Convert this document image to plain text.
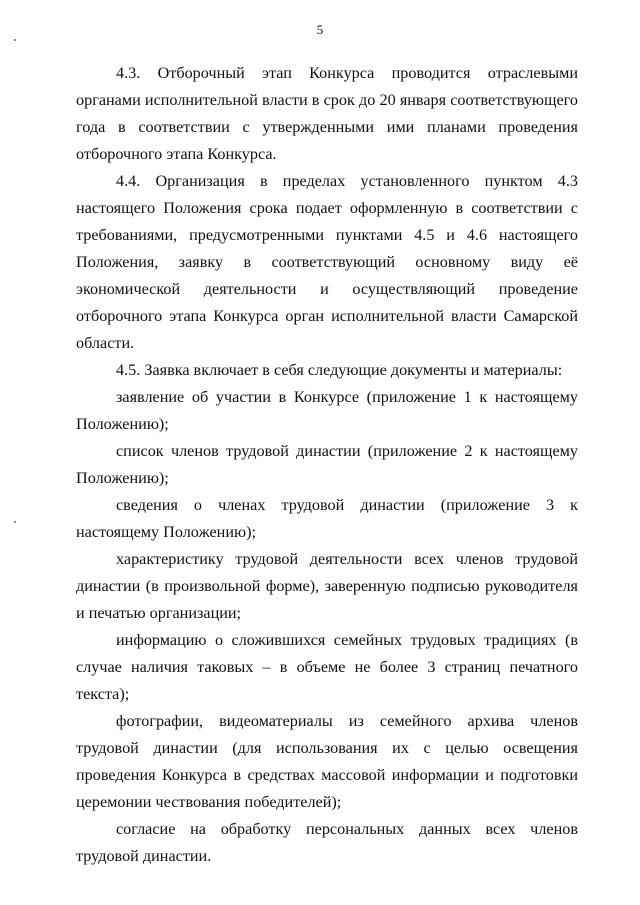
5

4.3. Отборочный этап Конкурса проводится отраслевыми органами исполнительной власти в срок до 20 января соответствующего года в соответствии с утвержденными ими планами проведения отборочного этапа Конкурса.

4.4. Организация в пределах установленного пунктом 4.3 настоящего Положения срока подает оформленную в соответствии с требованиями, предусмотренными пунктами 4.5 и 4.6 настоящего Положения, заявку в соответствующий основному виду её экономической деятельности и осуществляющий проведение отборочного этапа Конкурса орган исполнительной власти Самарской области.

4.5. Заявка включает в себя следующие документы и материалы:

заявление об участии в Конкурсе (приложение 1 к настоящему Положению);

список членов трудовой династии (приложение 2 к настоящему Положению);

сведения о членах трудовой династии (приложение 3 к настоящему Положению);

характеристику трудовой деятельности всех членов трудовой династии (в произвольной форме), заверенную подписью руководителя и печатью организации;

информацию о сложившихся семейных трудовых традициях (в случае наличия таковых – в объеме не более 3 страниц печатного текста);

фотографии, видеоматериалы из семейного архива членов трудовой династии (для использования их с целью освещения проведения Конкурса в средствах массовой информации и подготовки церемонии чествования победителей);

согласие на обработку персональных данных всех членов трудовой династии.
